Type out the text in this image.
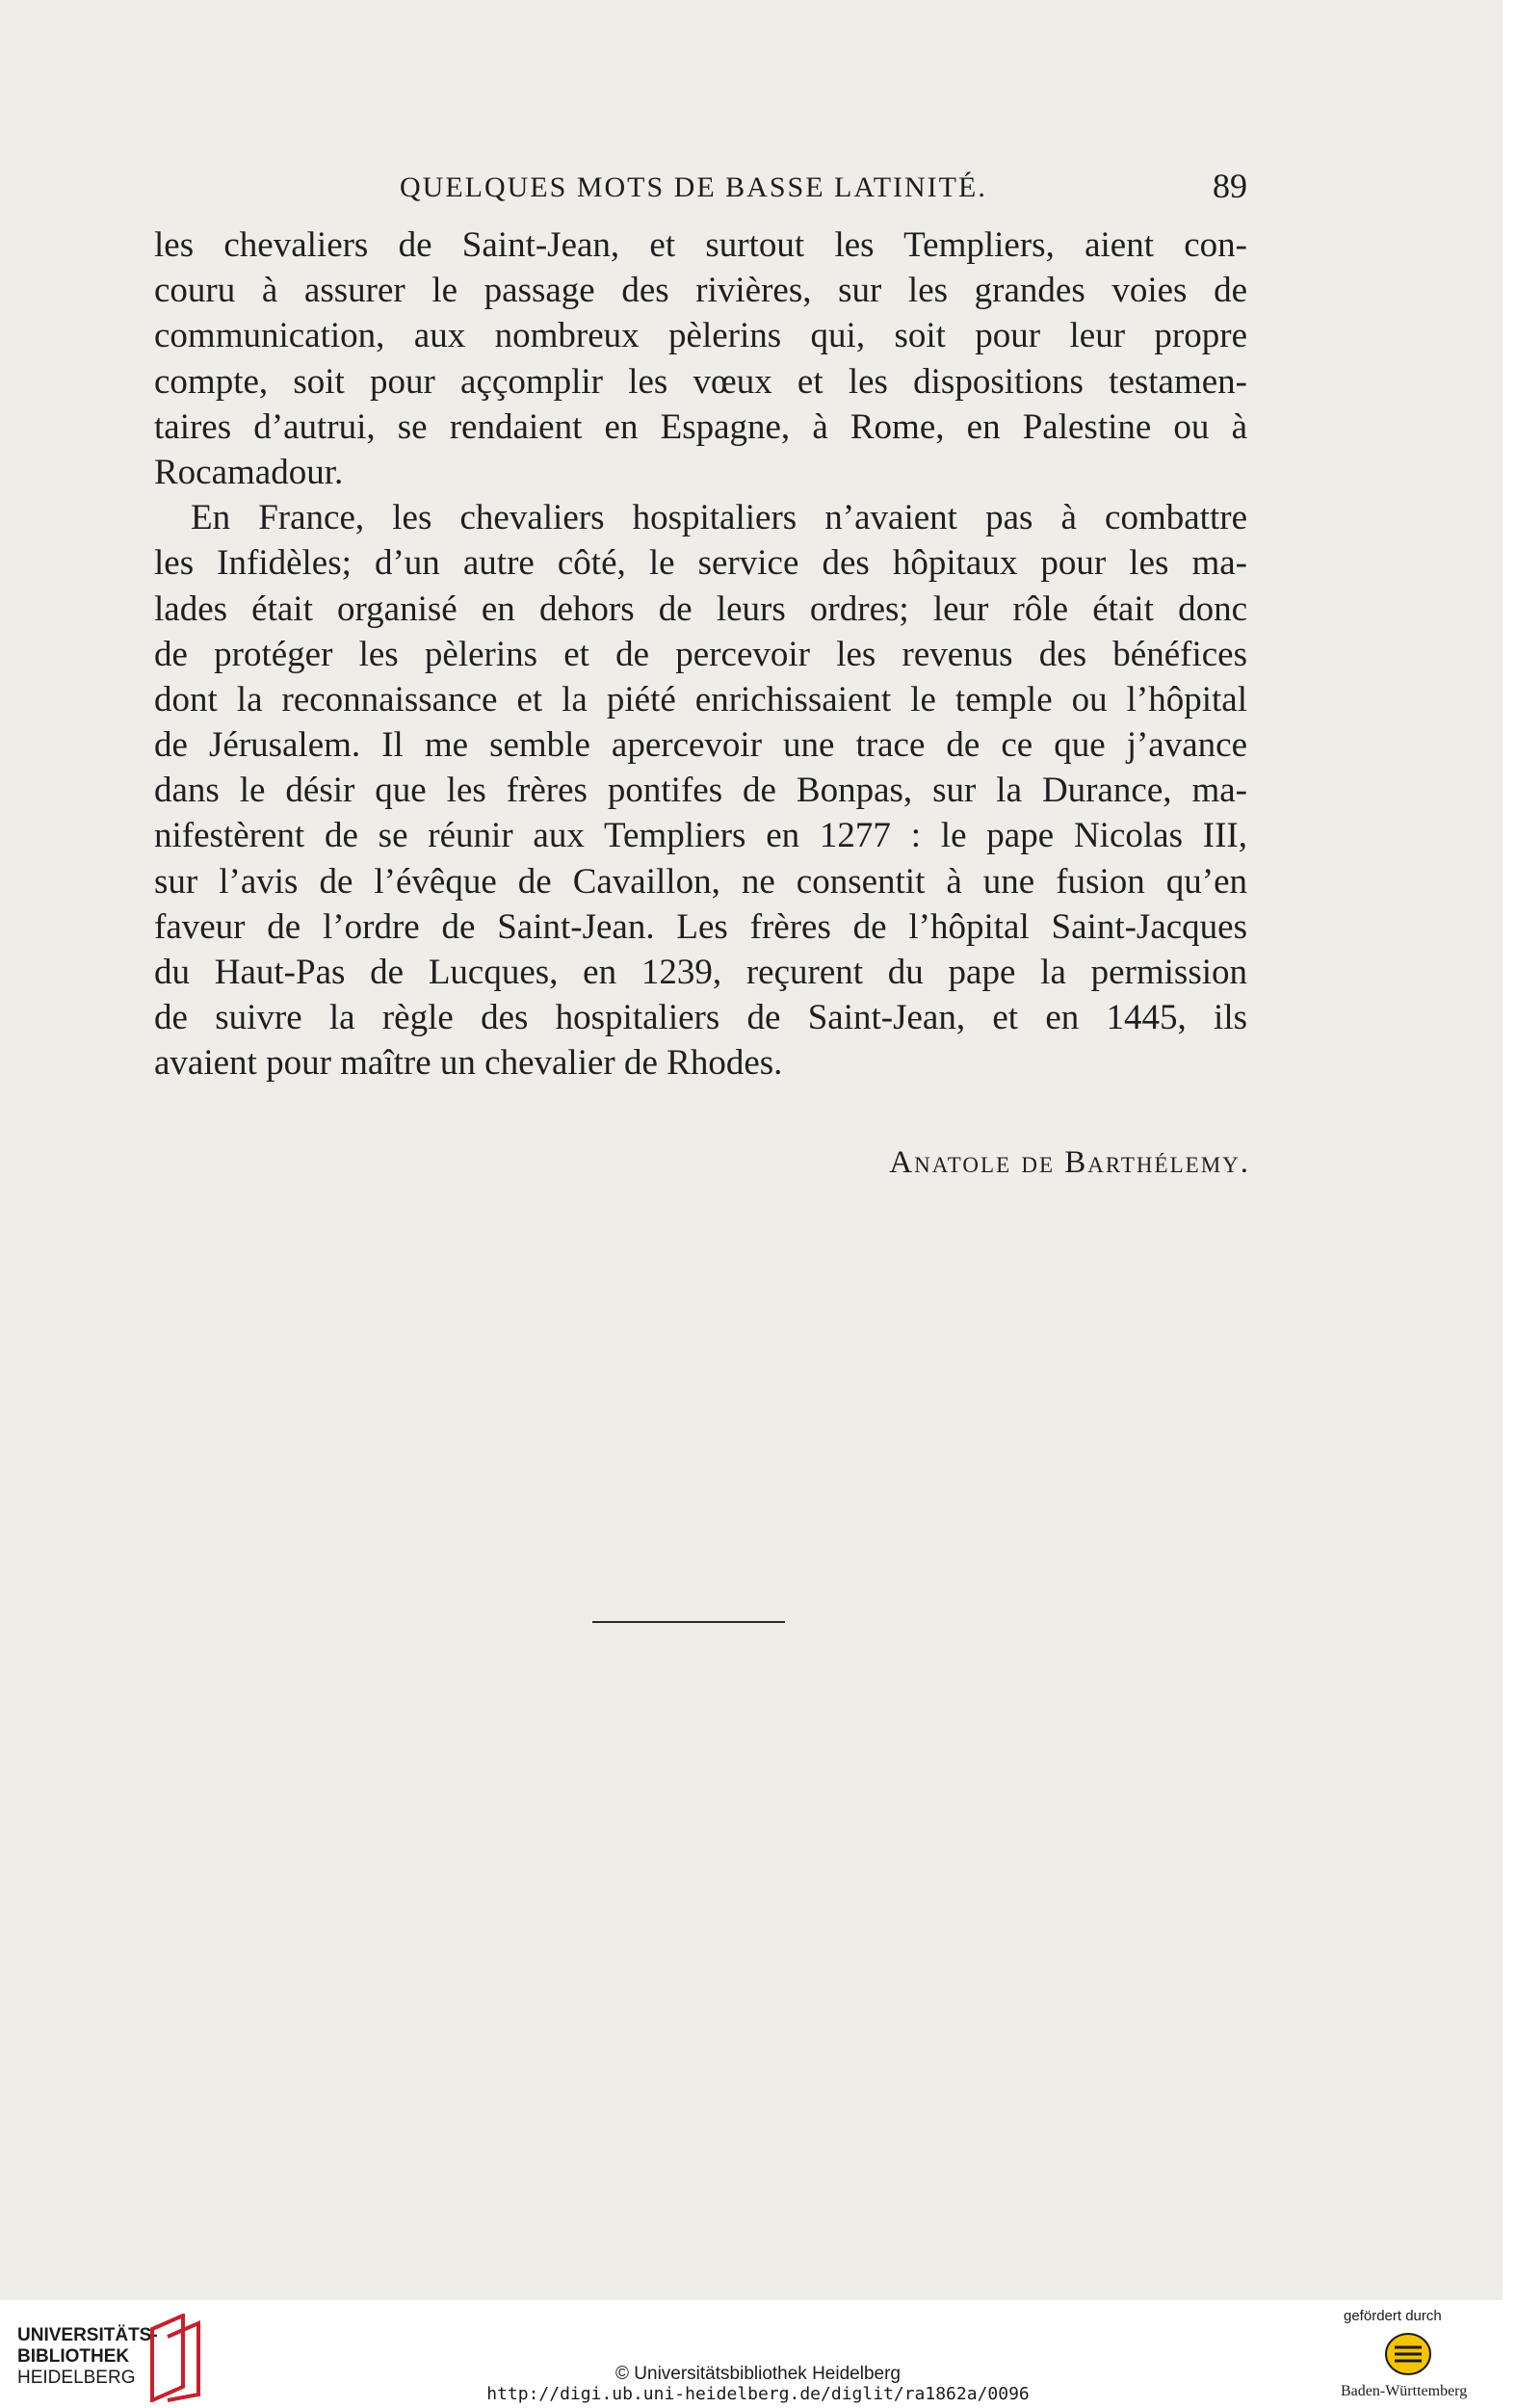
QUELQUES MOTS DE BASSE LATINITÉ.	89
les chevaliers de Saint-Jean, et surtout les Templiers, aient con-
couru à assurer le passage des rivières, sur les grandes voies de
communication, aux nombreux pèlerins qui, soit pour leur propre
compte, soit pour aççomplir les vœux et les dispositions testamen-
taires d’autrui, se rendaient en Espagne, à Rome, en Palestine ou à
Rocamadour.
En France, les chevaliers hospitaliers n’avaient pas à combattre
les Infidèles; d’un autre côté, le service des hôpitaux pour les ma-
lades était organisé en dehors de leurs ordres; leur rôle était donc
de protéger les pèlerins et de percevoir les revenus des bénéfices
dont la reconnaissance et la piété enrichissaient le temple ou l’hôpital
de Jérusalem. Il me semble apercevoir une trace de ce que j’avance
dans le désir que les frères pontifes de Bonpas, sur la Durance, ma-
nifestèrent de se réunir aux Templiers en 1277 : le pape Nicolas III,
sur l’avis de l’évêque de Cavaillon, ne consentit à une fusion qu’en
faveur de l’ordre de Saint-Jean. Les frères de l’hôpital Saint-Jacques
du Haut-Pas de Lucques, en 1239, reçurent du pape la permission
de suivre la règle des hospitaliers de Saint-Jean, et en 1445, ils
avaient pour maître un chevalier de Rhodes.
Anatole de Barthélemy.
UNIVERSITÄTS-
BIBLIOTHEK
HEIDELBERG	© Universitätsbibliothek Heidelberg
http://digi.ub.uni-heidelberg.de/diglit/ra1862a/0096
gefördert durch
Baden-Württemberg
